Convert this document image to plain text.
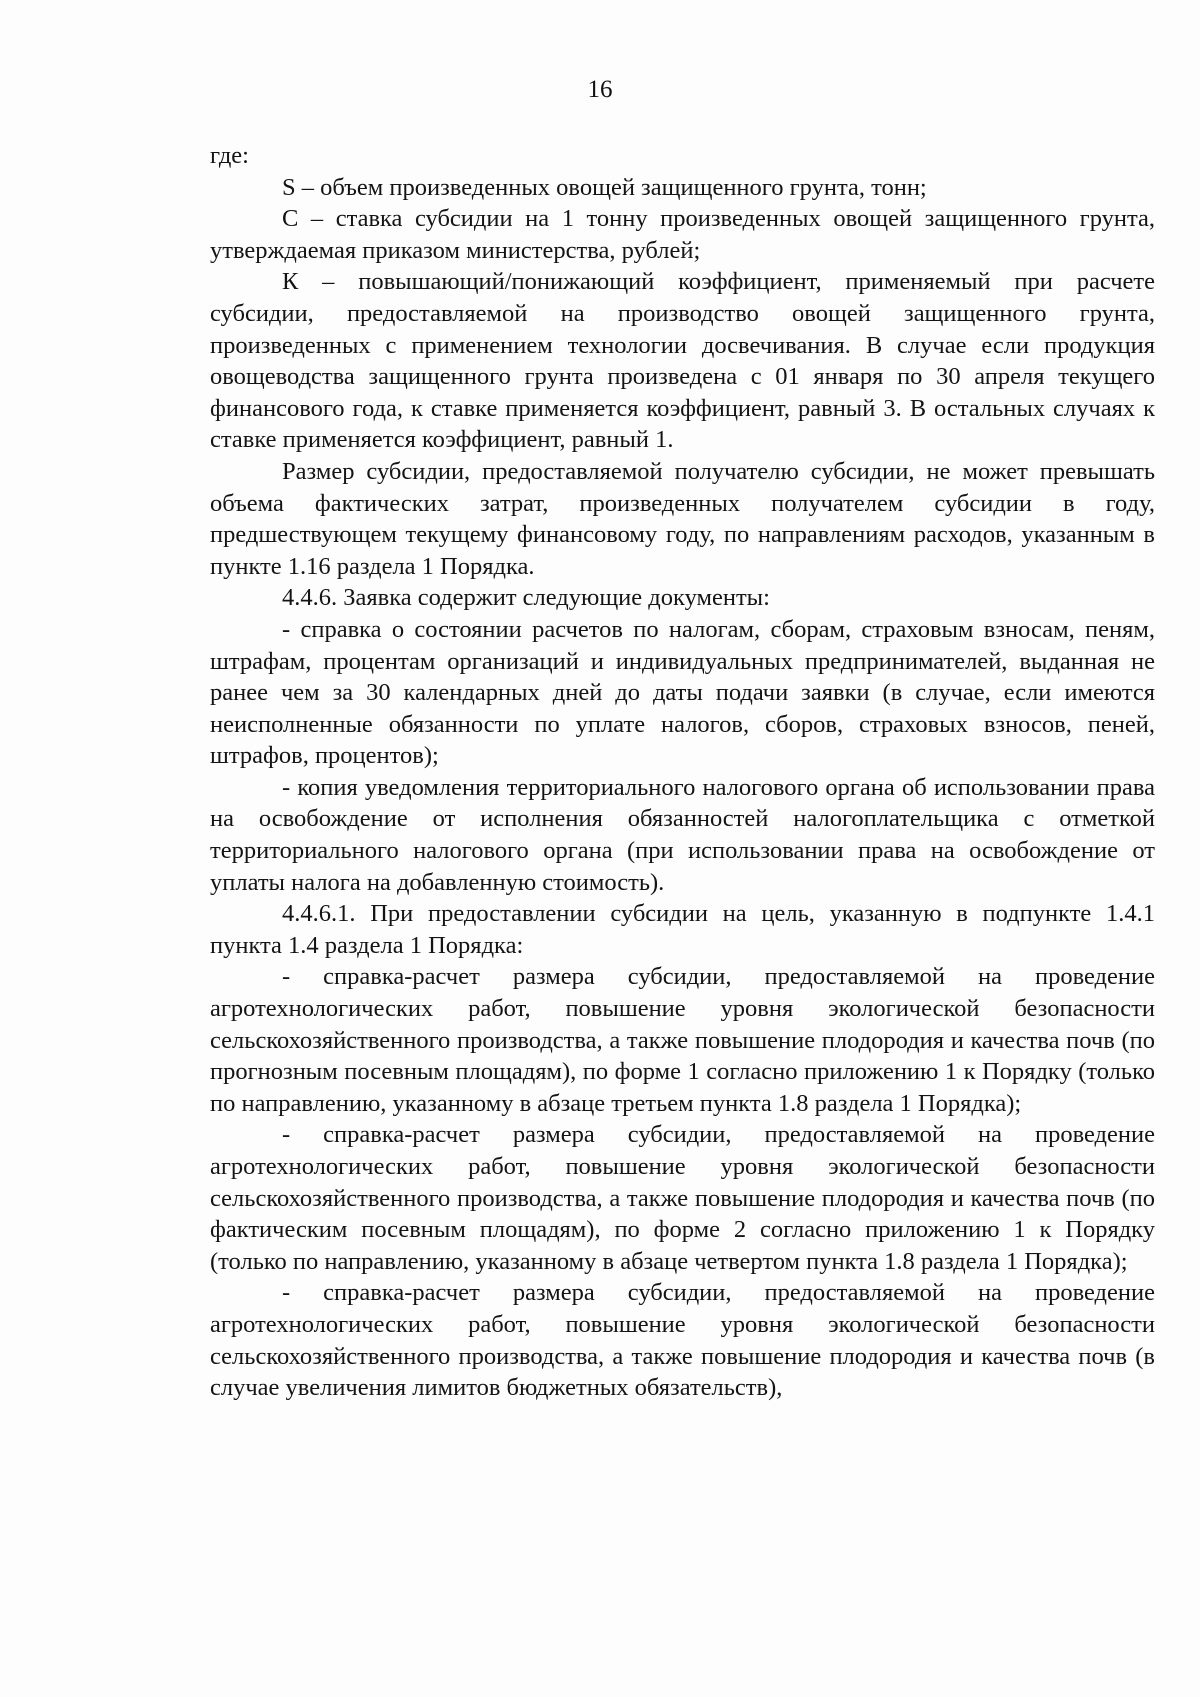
16

где:

S – объем произведенных овощей защищенного грунта, тонн;

С – ставка субсидии на 1 тонну произведенных овощей защищенного грунта, утверждаемая приказом министерства, рублей;

К – повышающий/понижающий коэффициент, применяемый при расчете субсидии, предоставляемой на производство овощей защищенного грунта, произведенных с применением технологии досвечивания. В случае если продукция овощеводства защищенного грунта произведена с 01 января по 30 апреля текущего финансового года, к ставке применяется коэффициент, равный 3. В остальных случаях к ставке применяется коэффициент, равный 1.

Размер субсидии, предоставляемой получателю субсидии, не может превышать объема фактических затрат, произведенных получателем субсидии в году, предшествующем текущему финансовому году, по направлениям расходов, указанным в пункте 1.16 раздела 1 Порядка.

4.4.6. Заявка содержит следующие документы:

- справка о состоянии расчетов по налогам, сборам, страховым взносам, пеням, штрафам, процентам организаций и индивидуальных предпринимателей, выданная не ранее чем за 30 календарных дней до даты подачи заявки (в случае, если имеются неисполненные обязанности по уплате налогов, сборов, страховых взносов, пеней, штрафов, процентов);

- копия уведомления территориального налогового органа об использовании права на освобождение от исполнения обязанностей налогоплательщика с отметкой территориального налогового органа (при использовании права на освобождение от уплаты налога на добавленную стоимость).

4.4.6.1. При предоставлении субсидии на цель, указанную в подпункте 1.4.1 пункта 1.4 раздела 1 Порядка:

- справка-расчет размера субсидии, предоставляемой на проведение агротехнологических работ, повышение уровня экологической безопасности сельскохозяйственного производства, а также повышение плодородия и качества почв (по прогнозным посевным площадям), по форме 1 согласно приложению 1 к Порядку (только по направлению, указанному в абзаце третьем пункта 1.8 раздела 1 Порядка);

- справка-расчет размера субсидии, предоставляемой на проведение агротехнологических работ, повышение уровня экологической безопасности сельскохозяйственного производства, а также повышение плодородия и качества почв (по фактическим посевным площадям), по форме 2 согласно приложению 1 к Порядку (только по направлению, указанному в абзаце четвертом пункта 1.8 раздела 1 Порядка);

- справка-расчет размера субсидии, предоставляемой на проведение агротехнологических работ, повышение уровня экологической безопасности сельскохозяйственного производства, а также повышение плодородия и качества почв (в случае увеличения лимитов бюджетных обязательств),
